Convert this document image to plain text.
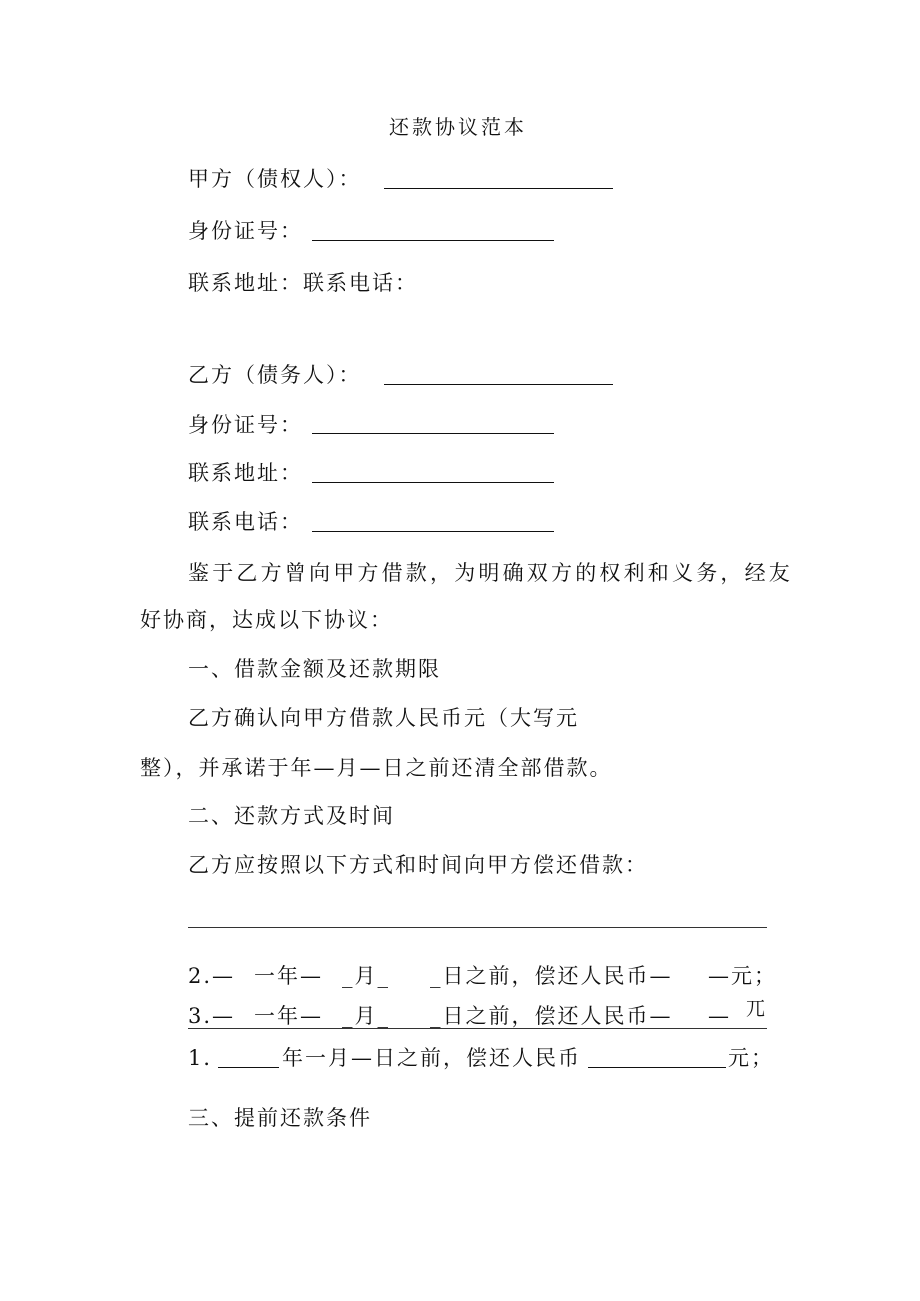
还款协议范本
甲方（债权人）：
身份证号：
联系地址：联系电话：
乙方（债务人）：
身份证号：
联系地址：
联系电话：
鉴于乙方曾向甲方借款，为明确双方的权利和义务，经友
好协商，达成以下协议：
一、借款金额及还款期限
乙方确认向甲方借款人民币元（大写元
整），并承诺于年—月—日之前还清全部借款。
二、还款方式及时间
乙方应按照以下方式和时间向甲方偿还借款：
2.— 一年— _月_ _日之前，偿还人民币— —元；
3.— 一年— _月_ _日之前，偿还人民币— — 兀
1．	年一月—日之前，偿还人民币	元；
三、提前还款条件
